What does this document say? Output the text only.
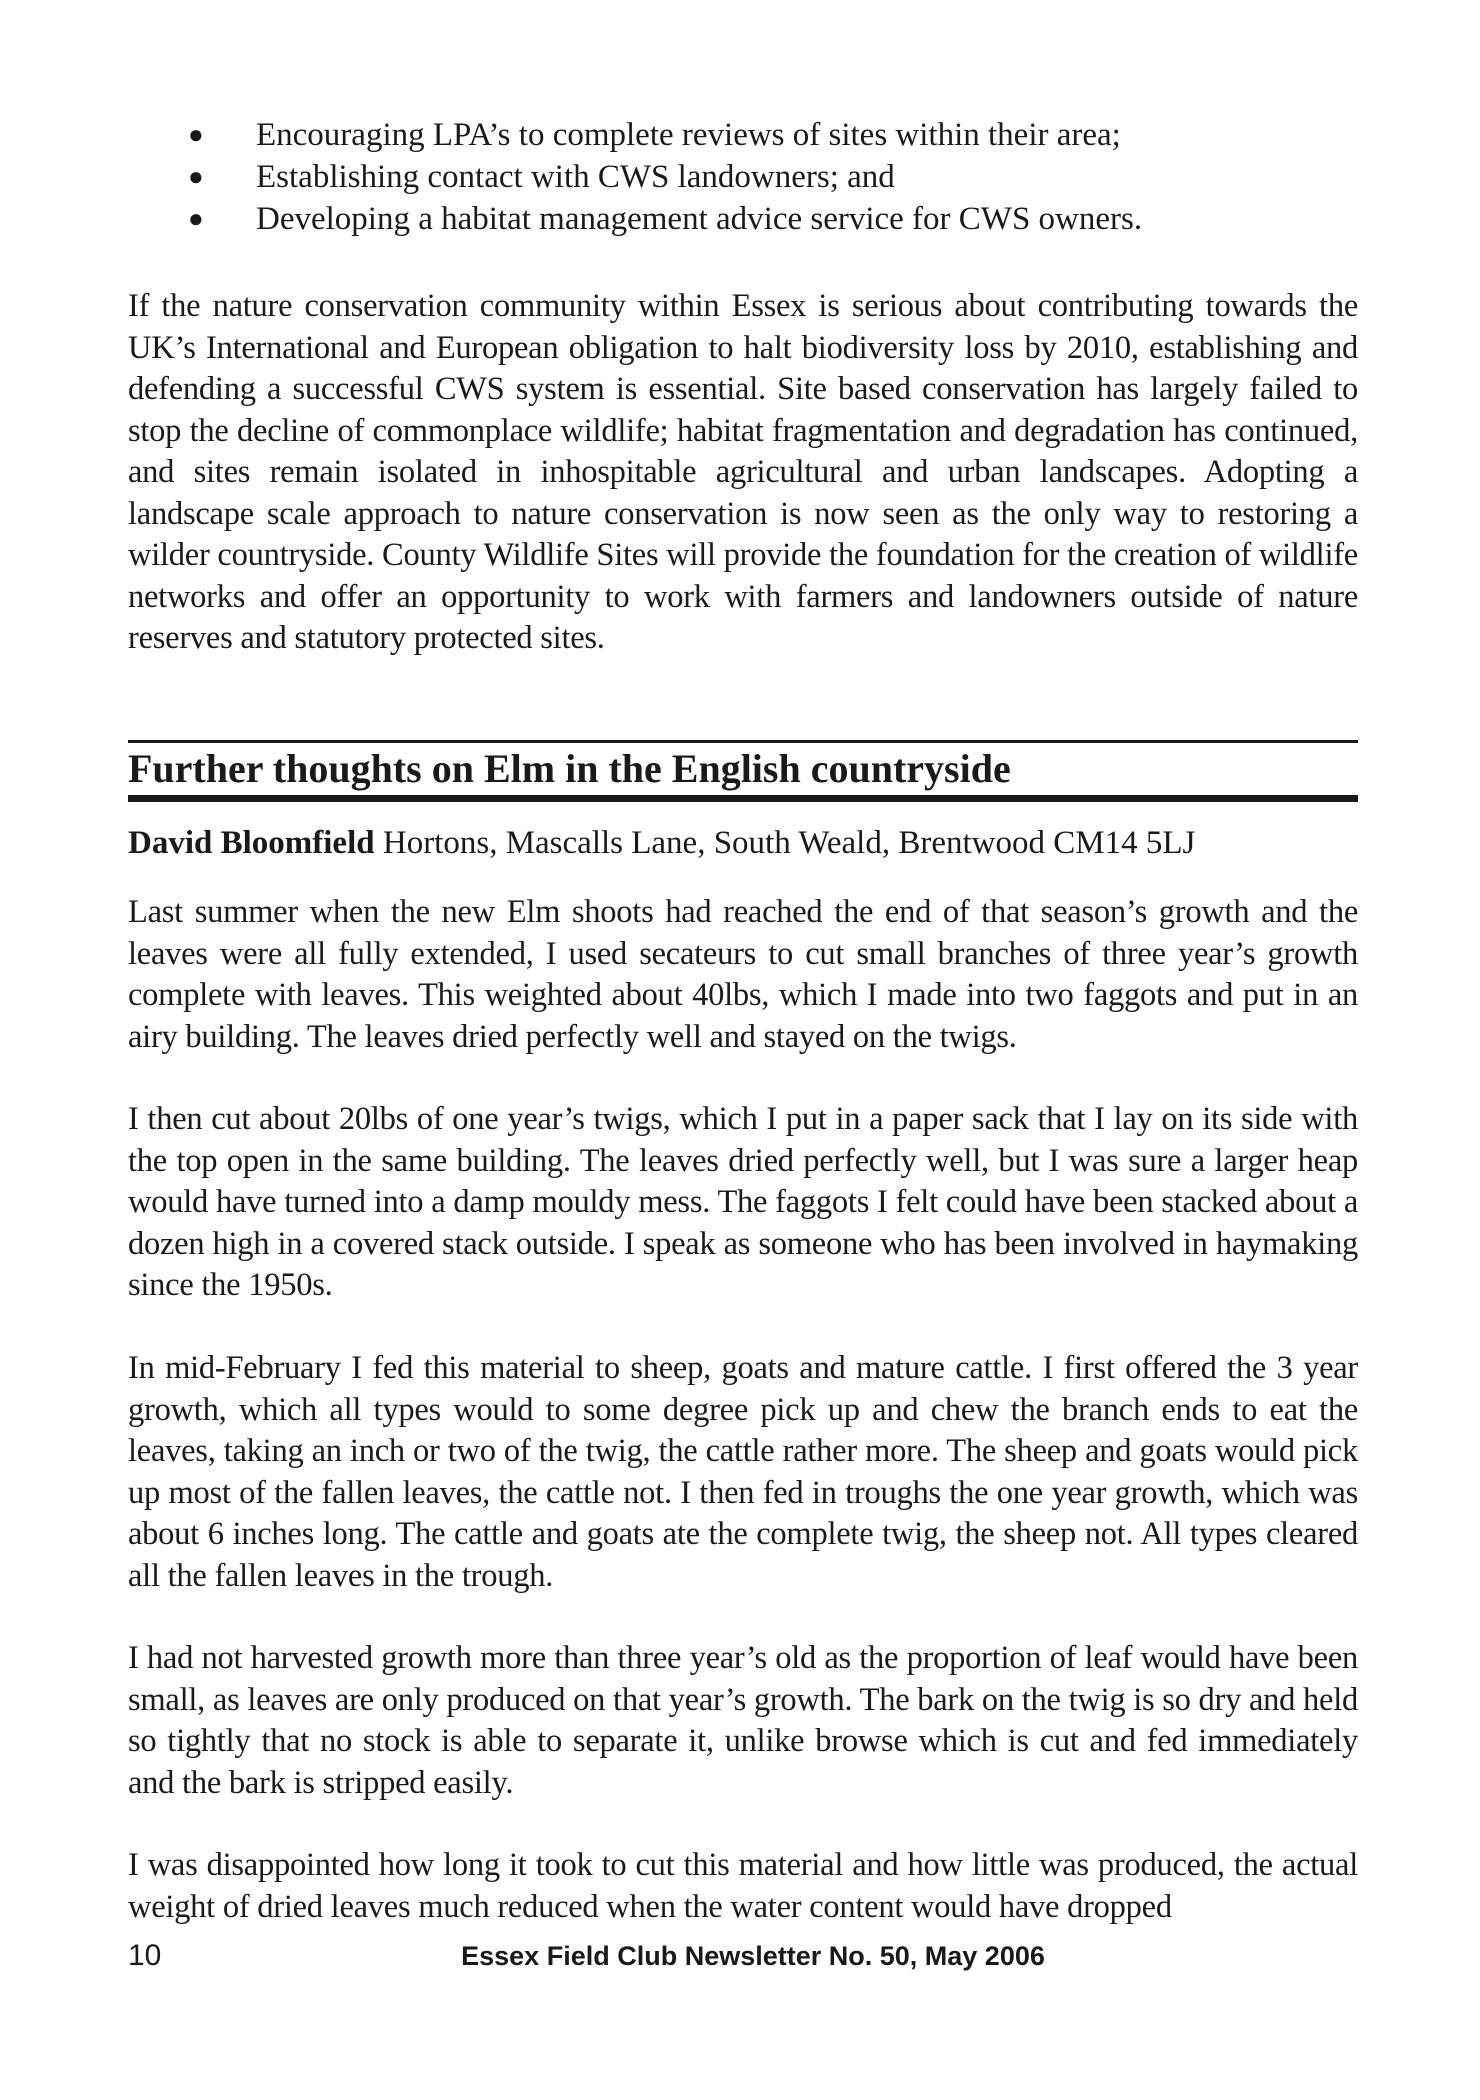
● Encouraging LPA’s to complete reviews of sites within their area;
● Establishing contact with CWS landowners; and
● Developing a habitat management advice service for CWS owners.

If the nature conservation community within Essex is serious about contributing towards the UK’s International and European obligation to halt biodiversity loss by 2010, establishing and defending a successful CWS system is essential. Site based conservation has largely failed to stop the decline of commonplace wildlife; habitat fragmentation and degradation has continued, and sites remain isolated in inhospitable agricultural and urban landscapes. Adopting a landscape scale approach to nature conservation is now seen as the only way to restoring a wilder countryside. County Wildlife Sites will provide the foundation for the creation of wildlife networks and offer an opportunity to work with farmers and landowners outside of nature reserves and statutory protected sites.

Further thoughts on Elm in the English countryside

David Bloomfield Hortons, Mascalls Lane, South Weald, Brentwood CM14 5LJ

Last summer when the new Elm shoots had reached the end of that season’s growth and the leaves were all fully extended, I used secateurs to cut small branches of three year’s growth complete with leaves. This weighted about 40lbs, which I made into two faggots and put in an airy building. The leaves dried perfectly well and stayed on the twigs.

I then cut about 20lbs of one year’s twigs, which I put in a paper sack that I lay on its side with the top open in the same building. The leaves dried perfectly well, but I was sure a larger heap would have turned into a damp mouldy mess. The faggots I felt could have been stacked about a dozen high in a covered stack outside. I speak as someone who has been involved in haymaking since the 1950s.

In mid-February I fed this material to sheep, goats and mature cattle. I first offered the 3 year growth, which all types would to some degree pick up and chew the branch ends to eat the leaves, taking an inch or two of the twig, the cattle rather more. The sheep and goats would pick up most of the fallen leaves, the cattle not. I then fed in troughs the one year growth, which was about 6 inches long. The cattle and goats ate the complete twig, the sheep not. All types cleared all the fallen leaves in the trough.

I had not harvested growth more than three year’s old as the proportion of leaf would have been small, as leaves are only produced on that year’s growth. The bark on the twig is so dry and held so tightly that no stock is able to separate it, unlike browse which is cut and fed immediately and the bark is stripped easily.

I was disappointed how long it took to cut this material and how little was produced, the actual weight of dried leaves much reduced when the water content would have dropped

10	Essex Field Club Newsletter No. 50, May 2006
